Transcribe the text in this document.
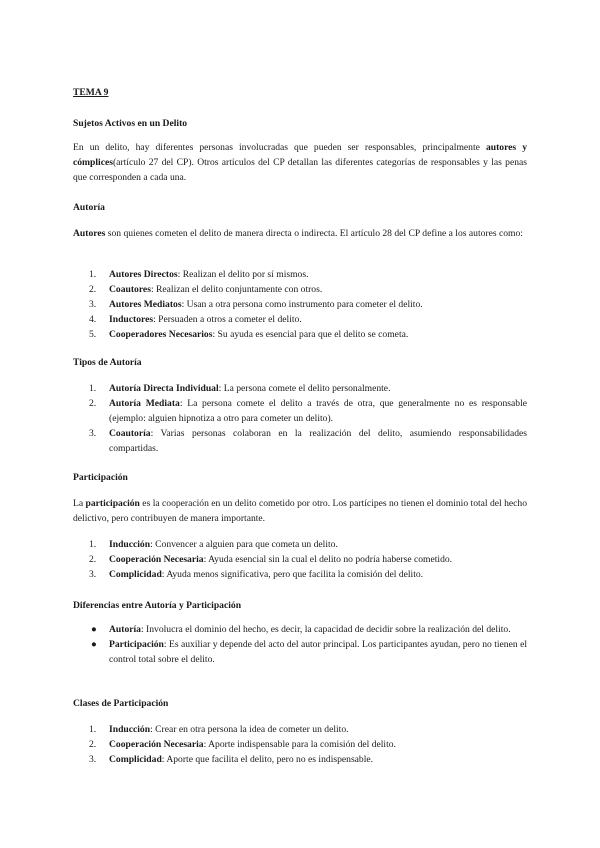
TEMA 9
Sujetos Activos en un Delito

En un delito, hay diferentes personas involucradas que pueden ser responsables, principalmente autores y cómplices(artículo 27 del CP). Otros artículos del CP detallan las diferentes categorías de responsables y las penas que corresponden a cada una.

Autoría

Autores son quienes cometen el delito de manera directa o indirecta. El artículo 28 del CP define a los autores como:

1. Autores Directos: Realizan el delito por sí mismos.
2. Coautores: Realizan el delito conjuntamente con otros.
3. Autores Mediatos: Usan a otra persona como instrumento para cometer el delito.
4. Inductores: Persuaden a otros a cometer el delito.
5. Cooperadores Necesarios: Su ayuda es esencial para que el delito se cometa.
Tipos de Autoría
1. Autoría Directa Individual: La persona comete el delito personalmente.
2. Autoría Mediata: La persona comete el delito a través de otra, que generalmente no es responsable (ejemplo: alguien hipnotiza a otro para cometer un delito).
3. Coautoría: Varias personas colaboran en la realización del delito, asumiendo responsabilidades compartidas.
Participación

La participación es la cooperación en un delito cometido por otro. Los partícipes no tienen el dominio total del hecho delictivo, pero contribuyen de manera importante.

1. Inducción: Convencer a alguien para que cometa un delito.
2. Cooperación Necesaria: Ayuda esencial sin la cual el delito no podría haberse cometido.
3. Complicidad: Ayuda menos significativa, pero que facilita la comisión del delito.
Diferencias entre Autoría y Participación
● Autoría: Involucra el dominio del hecho, es decir, la capacidad de decidir sobre la realización del delito.
● Participación: Es auxiliar y depende del acto del autor principal. Los participantes ayudan, pero no tienen el control total sobre el delito.
Clases de Participación
1. Inducción: Crear en otra persona la idea de cometer un delito.
2. Cooperación Necesaria: Aporte indispensable para la comisión del delito.
3. Complicidad: Aporte que facilita el delito, pero no es indispensable.
